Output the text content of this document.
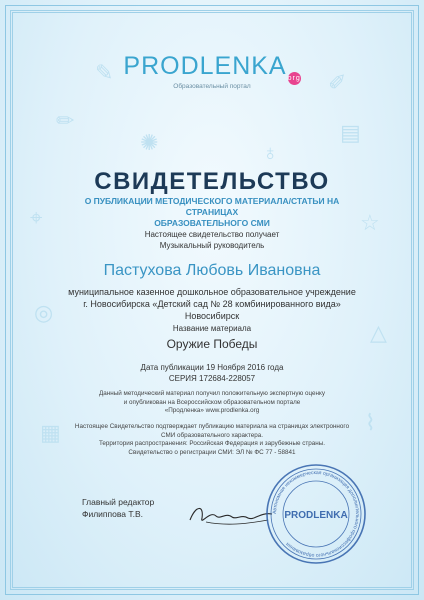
✎
✏
⌖
▤
☆
✐
◎
△
▦	⌇
✺	♁
PRODLENKAorg
Образовательный портал
СВИДЕТЕЛЬСТВО
О ПУБЛИКАЦИИ МЕТОДИЧЕСКОГО МАТЕРИАЛА/СТАТЬИ НА СТРАНИЦАХ
ОБРАЗОВАТЕЛЬНОГО СМИ
Настоящее свидетельство получает
Музыкальный руководитель
Пастухова Любовь Ивановна
муниципальное казенное дошкольное образовательное учреждение
г. Новосибирска «Детский сад № 28 комбинированного вида»
Новосибирск
Название материала
Оружие Победы
Дата публикации 19 Ноября 2016 года
СЕРИЯ 172684-228057
Данный методический материал получил положительную экспертную оценку
и опубликован на Всероссийском образовательном портале
«Продленка» www.prodlenka.org
Настоящее Свидетельство подтверждает публикацию материала на страницах электронного
СМИ образовательного характера.
Территория распространения: Российская Федерация и зарубежные страны.
Свидетельство о регистрации СМИ: ЭЛ № ФС 77 - 58841
Главный редактор
Филиппова Т.В.	Автономная некоммерческая организация дополнительного профессионального образования
PRODLENKA
